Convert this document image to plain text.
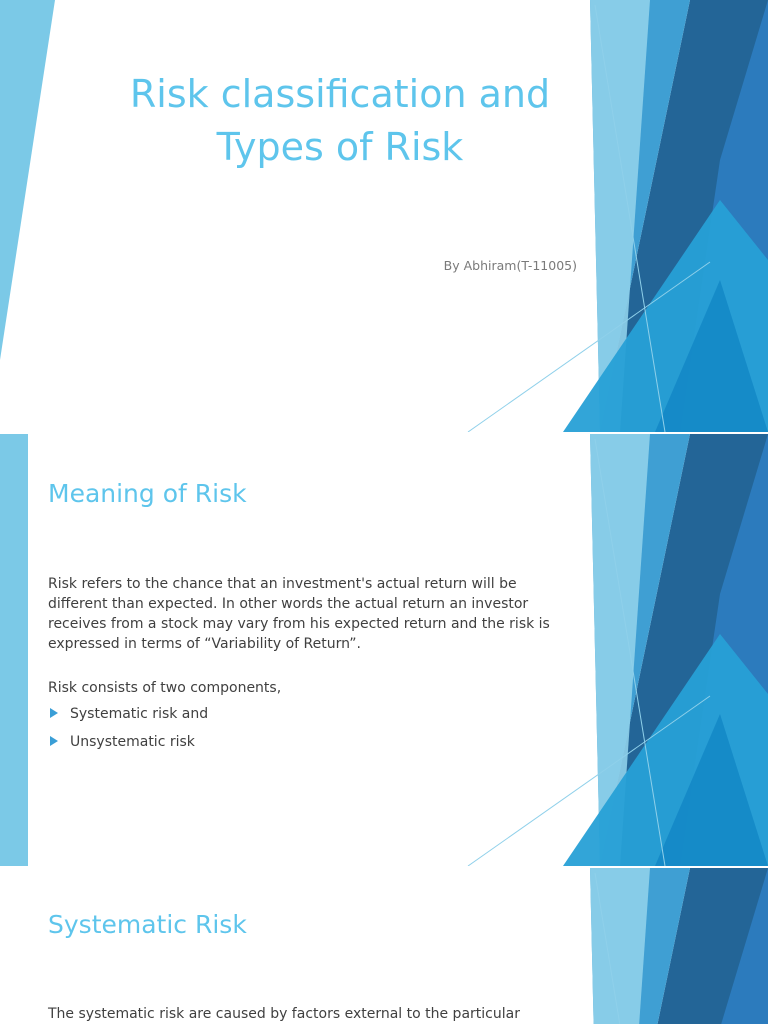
Risk classification and
Types of Risk
By Abhiram(T-11005)
Meaning of Risk

Risk refers to the chance that an investment's actual return will be different than expected. In other words the actual return an investor receives from a stock may vary from his expected return and the risk is expressed in terms of “Variability of Return”.

Risk consists of two components,

Systematic risk and
Unsystematic risk
Systematic Risk

The systematic risk are caused by factors external to the particular
